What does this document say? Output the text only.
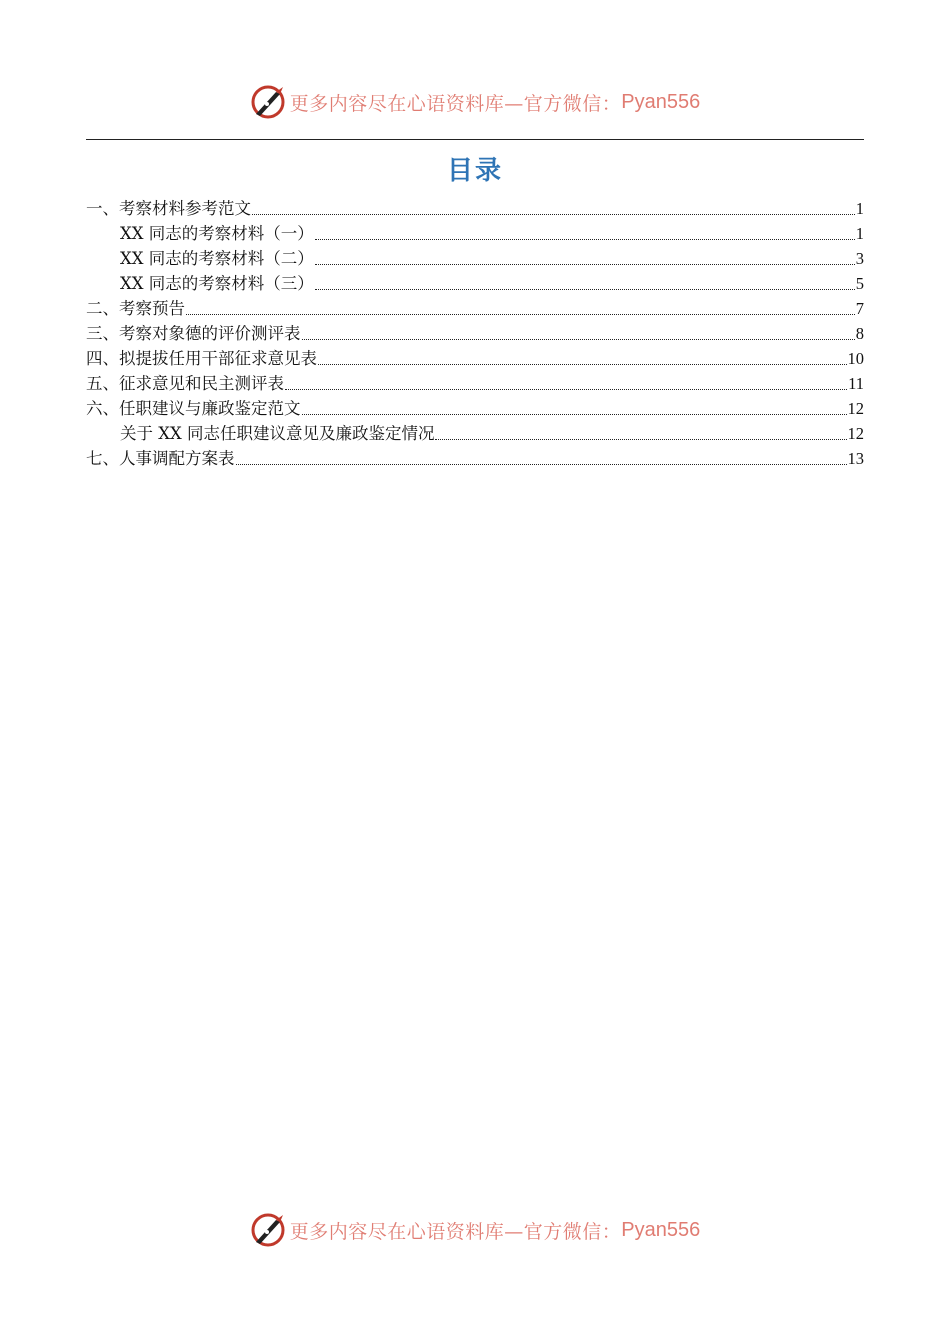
更多内容尽在心语资料库—官方微信： Pyan556
目录
一、考察材料参考范文	1
XX 同志的考察材料（一）	1
XX 同志的考察材料（二）	3
XX 同志的考察材料（三）	5
二、考察预告	7
三、考察对象德的评价测评表	8
四、拟提拔任用干部征求意见表	10
五、征求意见和民主测评表	11
六、任职建议与廉政鉴定范文	12
关于 XX 同志任职建议意见及廉政鉴定情况	12
七、人事调配方案表	13
更多内容尽在心语资料库—官方微信： Pyan556
